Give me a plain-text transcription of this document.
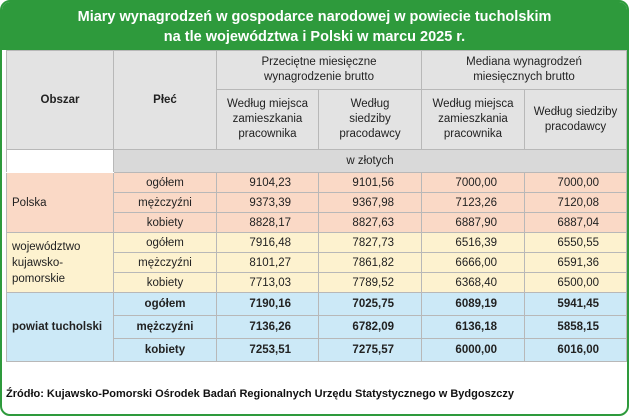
Miary wynagrodzeń w gospodarce narodowej w powiecie tucholskim
na tle województwa i Polski w marcu 2025 r.
Obszar	Płeć	Przeciętne miesięczne wynagrodzenie brutto		Mediana wynagrodzeń miesięcznych brutto	
		Według miejsca zamieszkania pracownika	Według siedziby pracodawcy	Według miejsca zamieszkania pracownika	Według siedziby pracodawcy
	w złotych				
Polska	ogółem	9104,23	9101,56	7000,00	7000,00
	mężczyźni	9373,39	9367,98	7123,26	7120,08
	kobiety	8828,17	8827,63	6887,90	6887,04
województwo kujawsko-pomorskie	ogółem	7916,48	7827,73	6516,39	6550,55
	mężczyźni	8101,27	7861,82	6666,00	6591,36
	kobiety	7713,03	7789,52	6368,40	6500,00
powiat tucholski	ogółem	7190,16	7025,75	6089,19	5941,45
	mężczyźni	7136,26	6782,09	6136,18	5858,15
	kobiety	7253,51	7275,57	6000,00	6016,00
Źródło: Kujawsko-Pomorski Ośrodek Badań Regionalnych Urzędu Statystycznego w Bydgoszczy
